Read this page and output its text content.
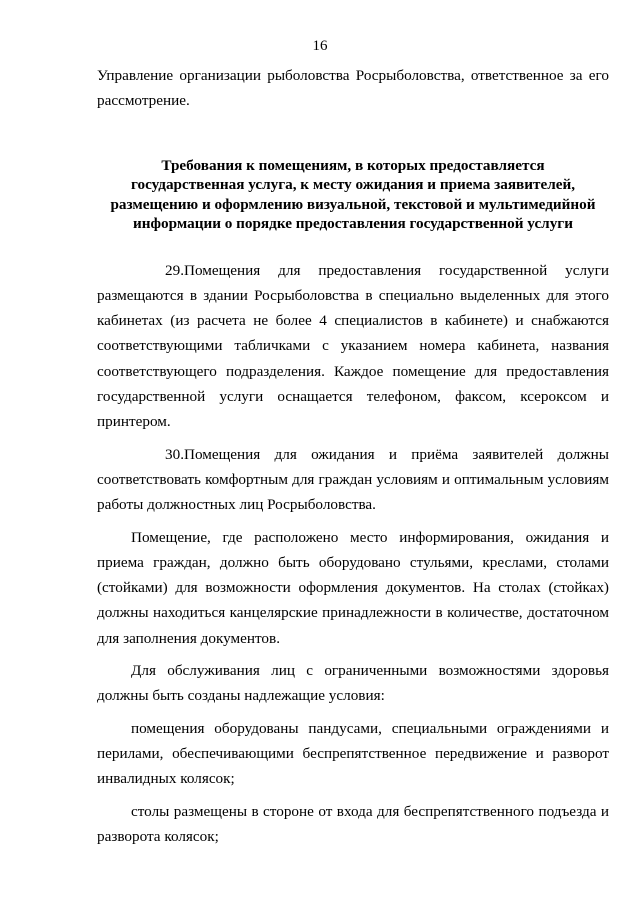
16

Управление организации рыболовства Росрыболовства, ответственное за его рассмотрение.

Требования к помещениям, в которых предоставляется
государственная услуга, к месту ожидания и приема заявителей,
размещению и оформлению визуальной, текстовой и мультимедийной
информации о порядке предоставления государственной услуги

29.Помещения для предоставления государственной услуги размещаются в здании Росрыболовства в специально выделенных для этого кабинетах (из расчета не более 4 специалистов в кабинете) и снабжаются соответствующими табличками с указанием номера кабинета, названия соответствующего подразделения. Каждое помещение для предоставления государственной услуги оснащается телефоном, факсом, ксероксом и принтером.

30.Помещения для ожидания и приёма заявителей должны соответствовать комфортным для граждан условиям и оптимальным условиям работы должностных лиц Росрыболовства.

Помещение, где расположено место информирования, ожидания и приема граждан, должно быть оборудовано стульями, креслами, столами (стойками) для возможности оформления документов. На столах (стойках) должны находиться канцелярские принадлежности в количестве, достаточном для заполнения документов.

Для обслуживания лиц с ограниченными возможностями здоровья должны быть созданы надлежащие условия:

помещения оборудованы пандусами, специальными ограждениями и перилами, обеспечивающими беспрепятственное передвижение и разворот инвалидных колясок;

столы размещены в стороне от входа для беспрепятственного подъезда и разворота колясок;
